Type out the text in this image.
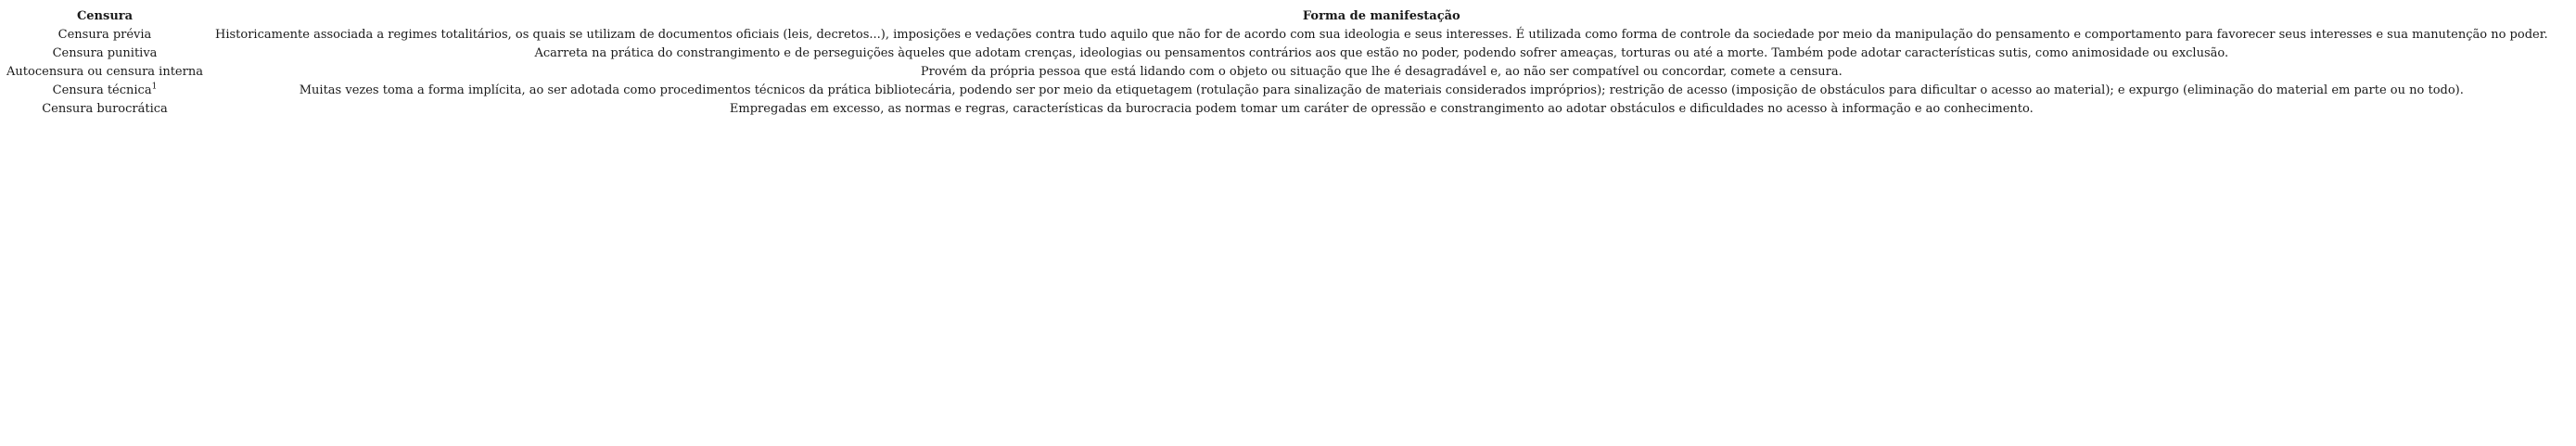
Censura	Forma de manifestação
Censura prévia	Historicamente associada a regimes totalitários, os quais se utilizam de documentos oficiais (leis, decretos...), imposições e vedações contra tudo aquilo que não for de acordo com sua ideologia e seus interesses. É utilizada como forma de controle da sociedade por meio da manipulação do pensamento e comportamento para favorecer seus interesses e sua manutenção no poder.
Censura punitiva	Acarreta na prática do constrangimento e de perseguições àqueles que adotam crenças, ideologias ou pensamentos contrários aos que estão no poder, podendo sofrer ameaças, torturas ou até a morte. Também pode adotar características sutis, como animosidade ou exclusão.
Autocensura ou censura interna	Provém da própria pessoa que está lidando com o objeto ou situação que lhe é desagradável e, ao não ser compatível ou concordar, comete a censura.
Censura técnica$^1$	Muitas vezes toma a forma implícita, ao ser adotada como procedimentos técnicos da prática bibliotecária, podendo ser por meio da etiquetagem (rotulação para sinalização de materiais considerados impróprios); restrição de acesso (imposição de obstáculos para dificultar o acesso ao material); e expurgo (eliminação do material em parte ou no todo).
Censura burocrática	Empregadas em excesso, as normas e regras, características da burocracia podem tomar um caráter de opressão e constrangimento ao adotar obstáculos e dificuldades no acesso à informação e ao conhecimento.
